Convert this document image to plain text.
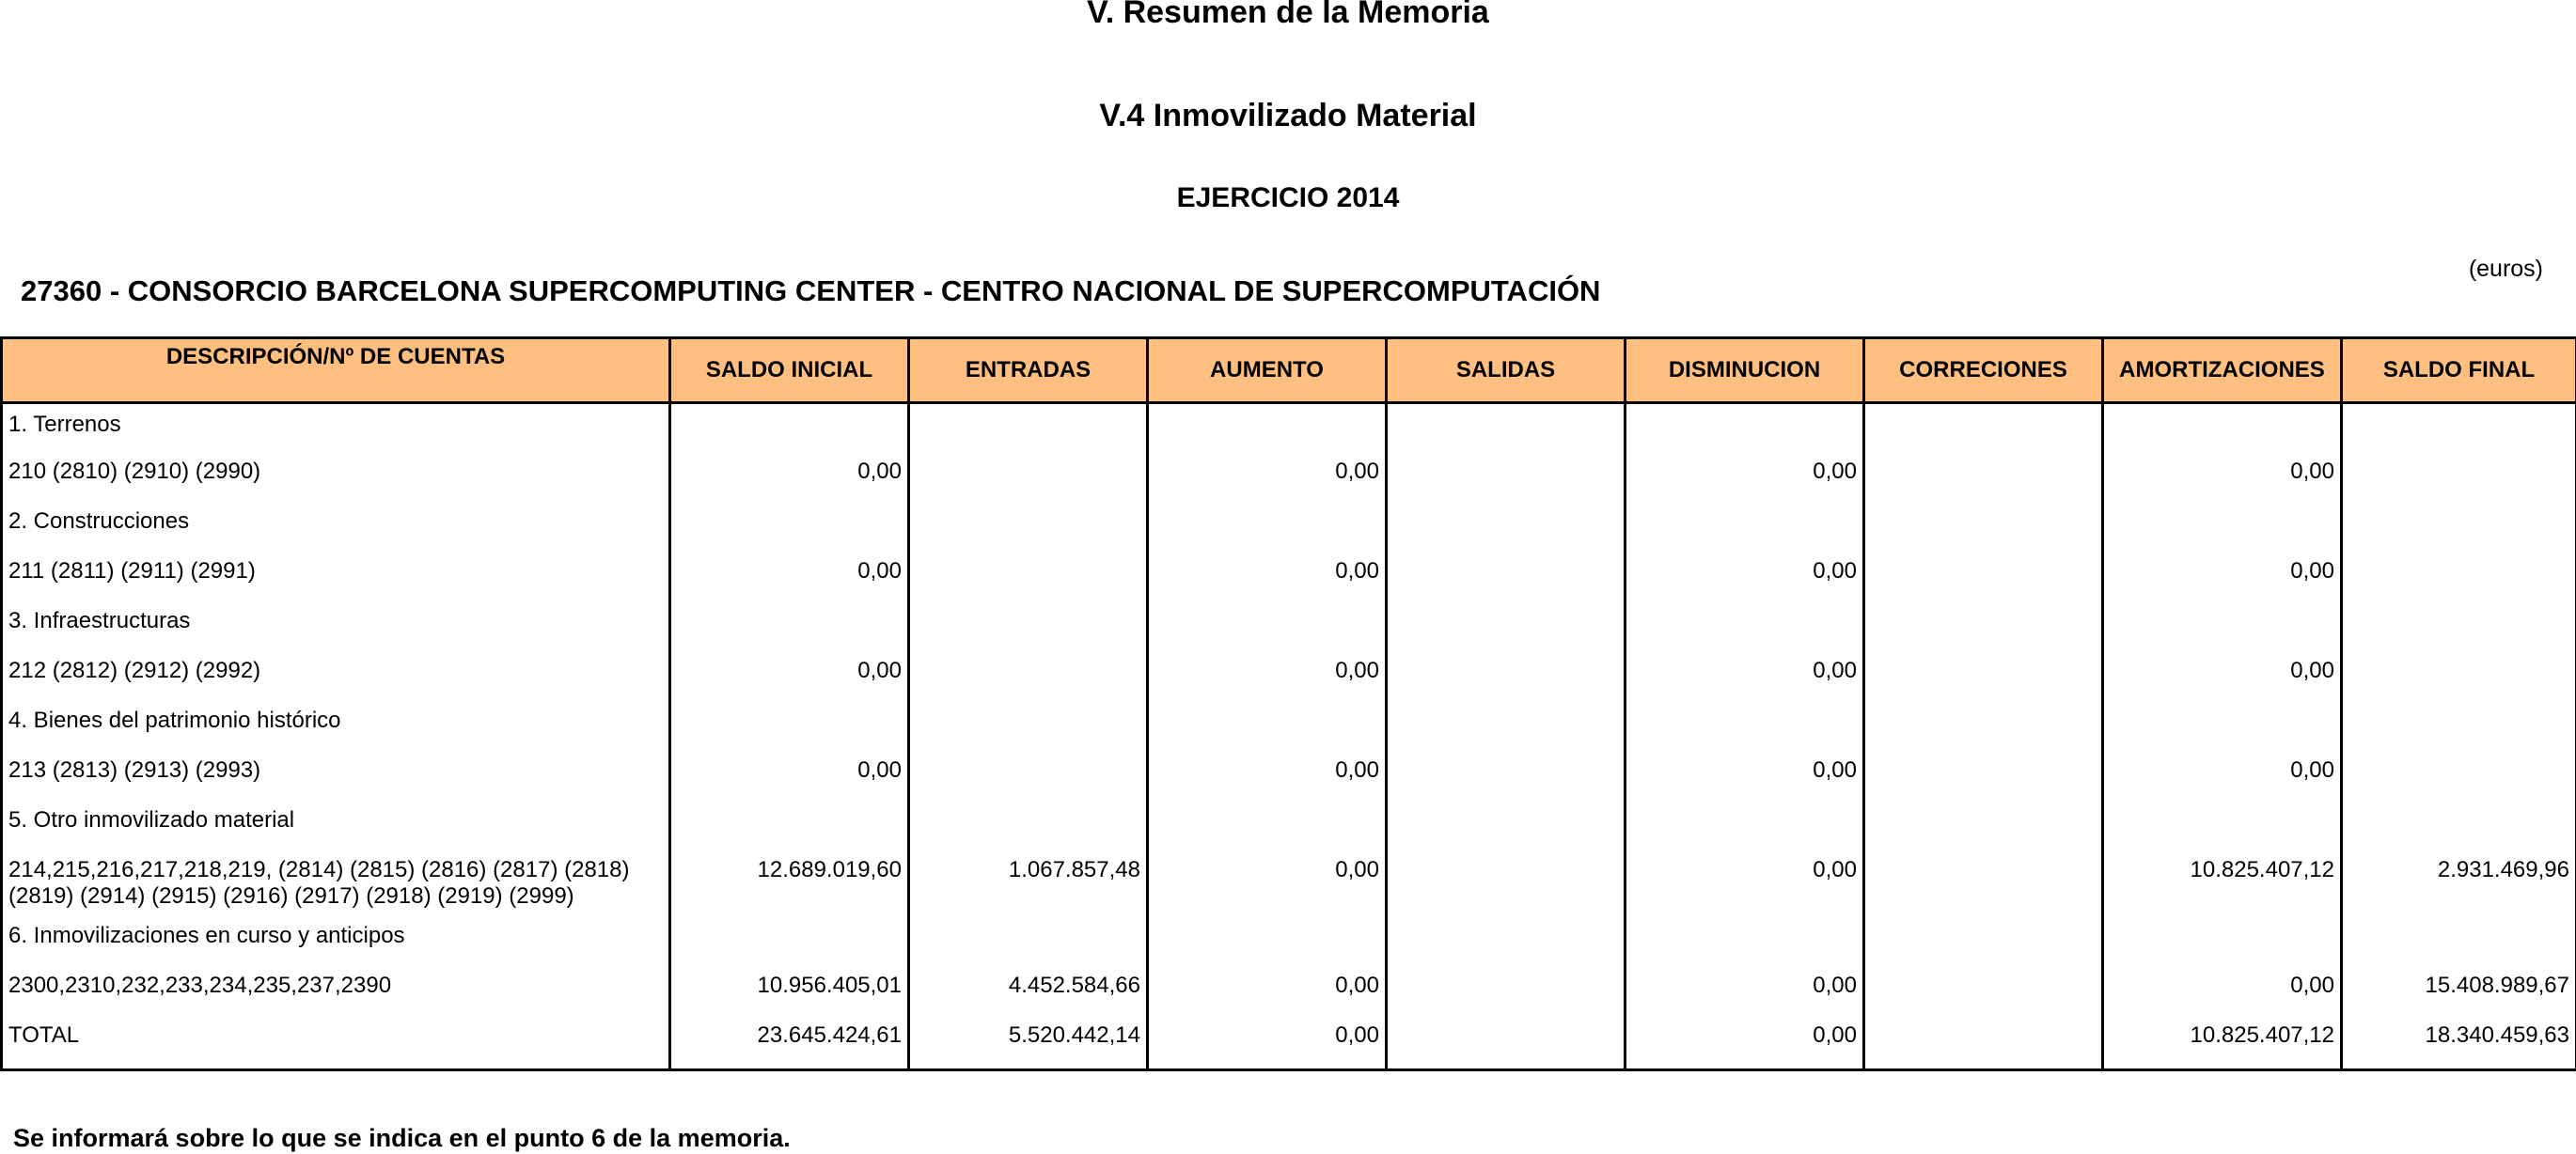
V. Resumen de la Memoria
V.4 Inmovilizado Material
EJERCICIO 2014
(euros)
27360 - CONSORCIO BARCELONA SUPERCOMPUTING CENTER - CENTRO NACIONAL DE SUPERCOMPUTACIÓN
DESCRIPCIÓN/Nº DE CUENTAS	SALDO INICIAL	ENTRADAS	AUMENTO	SALIDAS	DISMINUCION	CORRECIONES	AMORTIZACIONES	SALDO FINAL
1. Terrenos								
210 (2810) (2910) (2990)	0,00		0,00		0,00		0,00	
2. Construcciones								
211 (2811) (2911) (2991)	0,00		0,00		0,00		0,00	
3. Infraestructuras								
212 (2812) (2912) (2992)	0,00		0,00		0,00		0,00	
4. Bienes del patrimonio histórico								
213 (2813) (2913) (2993)	0,00		0,00		0,00		0,00	
5. Otro inmovilizado material								
214,215,216,217,218,219, (2814) (2815) (2816) (2817) (2818) (2819) (2914) (2915) (2916) (2917) (2918) (2919) (2999)	12.689.019,60	1.067.857,48	0,00		0,00		10.825.407,12	2.931.469,96
6. Inmovilizaciones en curso y anticipos								
2300,2310,232,233,234,235,237,2390	10.956.405,01	4.452.584,66	0,00		0,00		0,00	15.408.989,67
TOTAL	23.645.424,61	5.520.442,14	0,00		0,00		10.825.407,12	18.340.459,63
Se informará sobre lo que se indica en el punto 6 de la memoria.
